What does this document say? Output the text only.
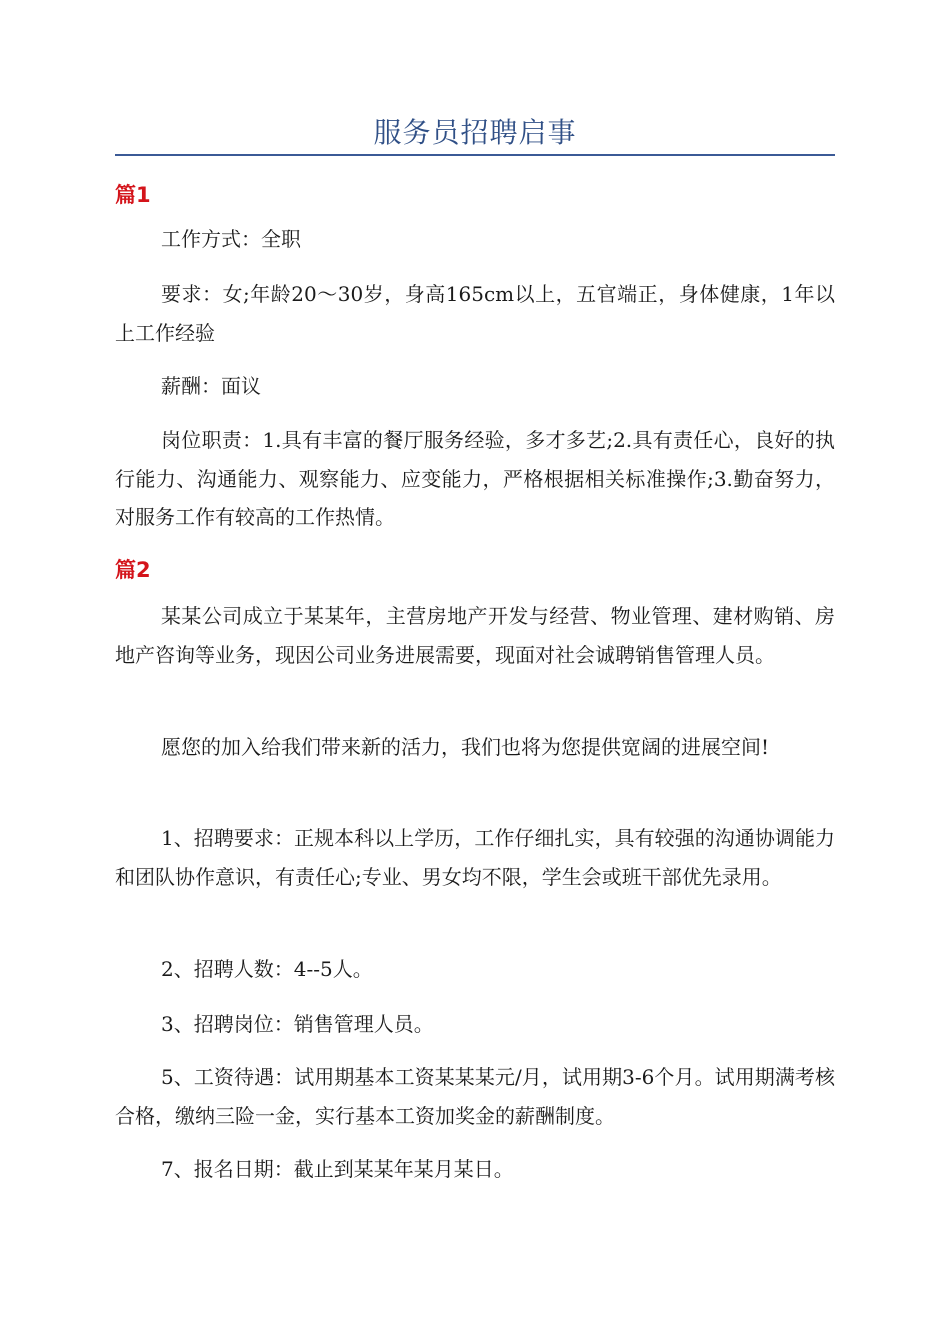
服务员招聘启事
篇1

工作方式：全职

要求：女;年龄20～30岁，身高165cm以上，五官端正，身体健康，1年以上工作经验

薪酬：面议

岗位职责：1.具有丰富的餐厅服务经验，多才多艺;2.具有责任心，良好的执行能力、沟通能力、观察能力、应变能力，严格根据相关标准操作;3.勤奋努力，对服务工作有较高的工作热情。

篇2

某某公司成立于某某年，主营房地产开发与经营、物业管理、建材购销、房地产咨询等业务，现因公司业务进展需要，现面对社会诚聘销售管理人员。

愿您的加入给我们带来新的活力，我们也将为您提供宽阔的进展空间!

1、招聘要求：正规本科以上学历，工作仔细扎实，具有较强的沟通协调能力和团队协作意识，有责任心;专业、男女均不限，学生会或班干部优先录用。

2、招聘人数：4--5人。

3、招聘岗位：销售管理人员。

5、工资待遇：试用期基本工资某某某元/月，试用期3-6个月。试用期满考核合格，缴纳三险一金，实行基本工资加奖金的薪酬制度。

7、报名日期：截止到某某年某月某日。
